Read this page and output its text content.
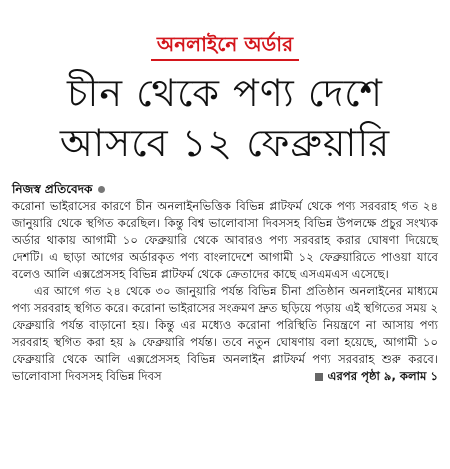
অনলাইনে অর্ডার
চীন থেকে পণ্য দেশে
আসবে ১২ ফেব্রুয়ারি
নিজস্ব প্রতিবেদক

করোনা ভাইরাসের কারণে চীন অনলাইনভিত্তিক বিভিন্ন প্লাটফর্ম থেকে পণ্য সরবরাহ গত ২৪ জানুয়ারি থেকে স্থগিত করেছিল। কিন্তু বিশ্ব ভালোবাসা দিবসসহ বিভিন্ন উপলক্ষে প্রচুর সংখ্যক অর্ডার থাকায় আগামী ১০ ফেব্রুয়ারি থেকে আবারও পণ্য সরবরাহ করার ঘোষণা দিয়েছে দেশটি। এ ছাড়া আগের অর্ডারকৃত পণ্য বাংলাদেশে আগামী ১২ ফেব্রুয়ারিতে পাওয়া যাবে বলেও আলি এক্সপ্রেসসহ বিভিন্ন প্লাটফর্ম থেকে ক্রেতাদের কাছে এসএমএস এসেছে।

এর আগে গত ২৪ থেকে ৩০ জানুয়ারি পর্যন্ত বিভিন্ন চীনা প্রতিষ্ঠান অনলাইনের মাধ্যমে পণ্য সরবরাহ স্থগিত করে। করোনা ভাইরাসের সংক্রমণ দ্রুত ছড়িয়ে পড়ায় এই স্থগিতের সময় ২ ফেব্রুয়ারি পর্যন্ত বাড়ানো হয়। কিন্তু এর মধ্যেও করোনা পরিস্থিতি নিয়ন্ত্রণে না আসায় পণ্য সরবরাহ স্থগিত করা হয় ৯ ফেব্রুয়ারি পর্যন্ত। তবে নতুন ঘোষণায় বলা হয়েছে, আগামী ১০ ফেব্রুয়ারি থেকে আলি এক্সপ্রেসসহ বিভিন্ন অনলাইন প্লাটফর্ম পণ্য সরবরাহ শুরু করবে। ভালোবাসা দিবসসহ বিভিন্ন দিবস	এরপর পৃষ্ঠা ৯, কলাম ১
